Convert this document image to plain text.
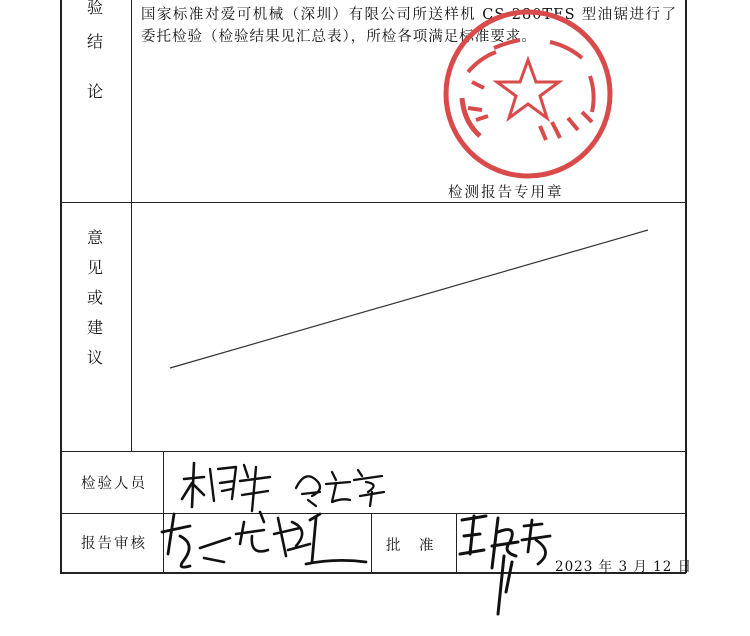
验
结
论
国家标准对爱可机械（深圳）有限公司所送样机 CS-280TES 型油锯进行了委托检验（检验结果见汇总表），所检各项满足标准要求。
检测报告专用章
意
见
或
建
议
检验人员
报告审核	批　准
2023 年 3 月 12 日
